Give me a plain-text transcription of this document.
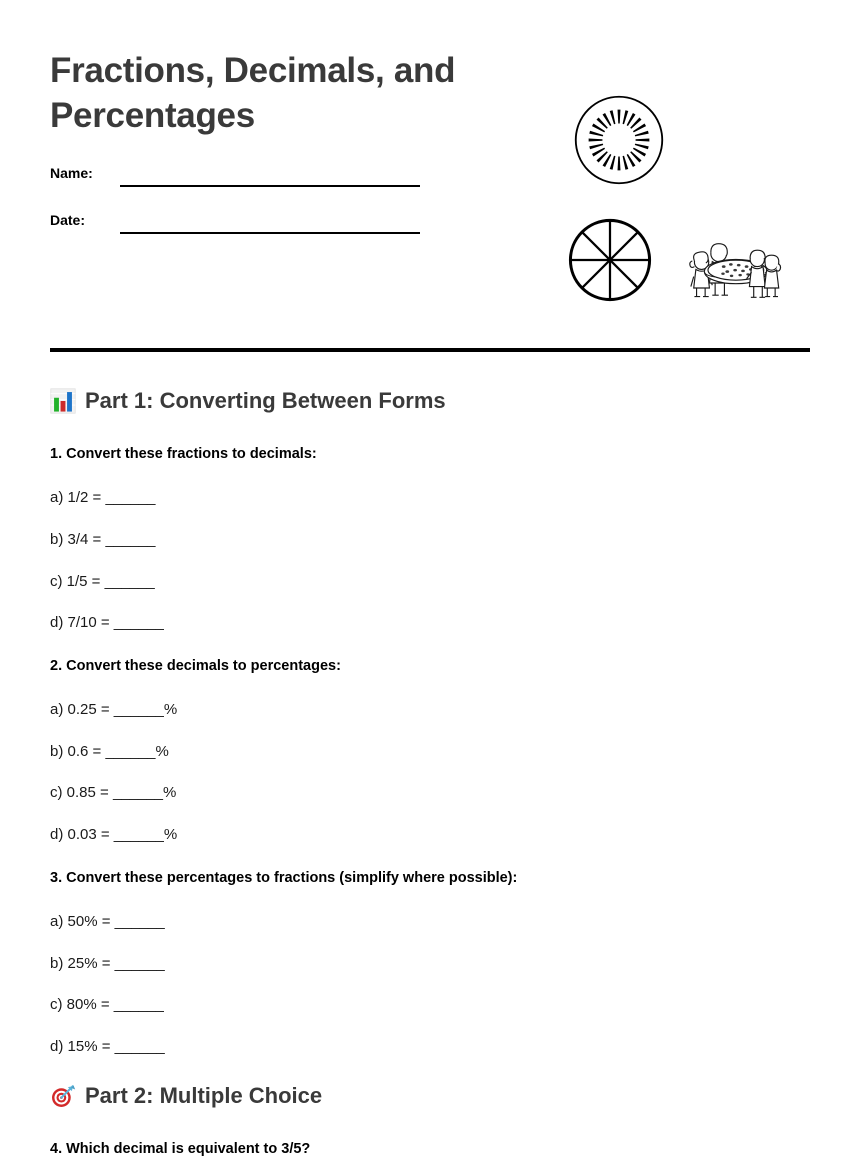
Fractions, Decimals, and Percentages
Name:
Date:
Part 1: Converting Between Forms
1. Convert these fractions to decimals:
a) 1/2 = ______
b) 3/4 = ______
c) 1/5 = ______
d) 7/10 = ______
2. Convert these decimals to percentages:
a) 0.25 = ______%
b) 0.6 = ______%
c) 0.85 = ______%
d) 0.03 = ______%
3. Convert these percentages to fractions (simplify where possible):
a) 50% = ______
b) 25% = ______
c) 80% = ______
d) 15% = ______
Part 2: Multiple Choice
4. Which decimal is equivalent to 3/5?
